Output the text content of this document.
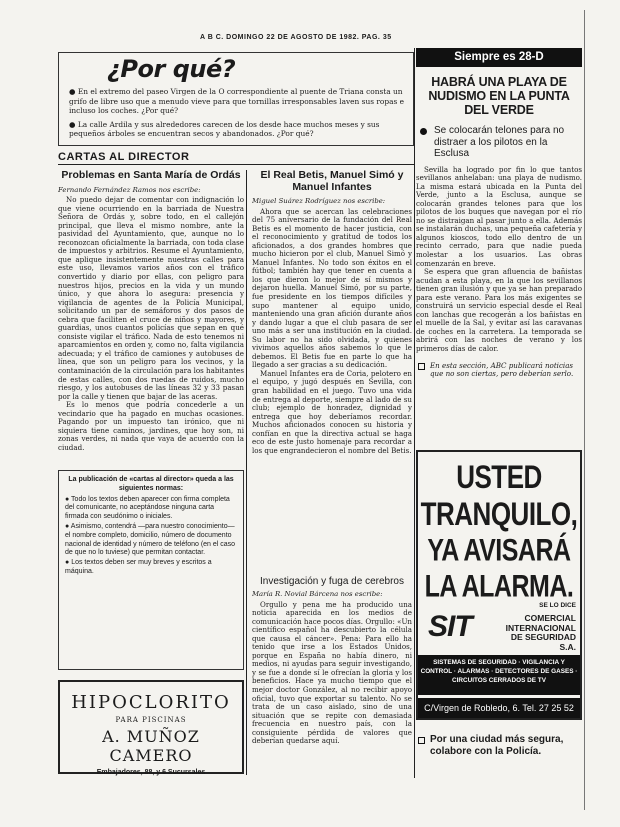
A B C. DOMINGO 22 DE AGOSTO DE 1982. PAG. 35
¿Por qué?

● En el extremo del paseo Virgen de la O correspondiente al puente de Triana consta un grifo de libre uso que a menudo vieve para que tornillas irresponsables laven sus ropas e incluso los coches. ¿Por qué?

● La calle Ardila y sus alrededores carecen de los desde hace muchos meses y sus pequeños árboles se encuentran secos y abandonados. ¿Por qué?

CARTAS AL DIRECTOR
Problemas en Santa María de Ordás
Fernando Fernández Ramos nos escribe:

No puedo dejar de comentar con indignación lo que viene ocurriendo en la barriada de Nuestra Señora de Ordás y, sobre todo, en el callejón principal, que lleva el mismo nombre, ante la pasividad del Ayuntamiento, que, aunque no lo reconozcan oficialmente la barriada, con toda clase de impuestos y arbitrios. Resume el Ayuntamiento, que aplique insistentemente nuestras calles para este uso, llevamos varios años con el tráfico convertido y diario por ellas, con peligro para nuestros hijos, precios en la vida y un mundo único, y que ahora lo asegura: presencia y vigilancia de agentes de la Policía Municipal, solicitando un par de semáforos y dos pasos de cebra que faciliten el cruce de niños y mayores, y guardias, unos cuantos policías que sepan en qué consiste vigilar el tráfico. Nada de esto tenemos ni aparcamientos en orden y, como no, falta vigilancia adecuada; y el tráfico de camiones y autobuses de línea, que son un peligro para los vecinos, y la contaminación de la circulación para los habitantes de estas calles, con dos ruedas de ruidos, mucho riesgo, y los autobuses de las líneas 32 y 33 pasan por la calle y tienen que bajar de las aceras.

Es lo menos que podría concederle a un vecindario que ha pagado en muchas ocasiones. Pagando por un impuesto tan irónico, que ni siquiera tiene caminos, jardines, que hoy son, ni zonas verdes, ni nada que vaya de acuerdo con la ciudad.

La publicación de «cartas al director» queda a las siguientes normas:

● Todo los textos deben aparecer con firma completa del comunicante, no aceptándose ninguna carta firmada con seudónimo o iniciales.

● Asimismo, contendrá —para nuestro conocimiento— el nombre completo, domicilio, número de documento nacional de identidad y número de teléfono (en el caso de que no lo tuviese) que permitan contactar.

● Los textos deben ser muy breves y escritos a máquina.

HIPOCLORITO
PARA PISCINAS
A. MUÑOZ CAMERO
Embajadores, 88, y 6 Sucursales
El Real Betis, Manuel Simó y Manuel Infantes
Miguel Suárez Rodríguez nos escribe:

Ahora que se acercan las celebraciones del 75 aniversario de la fundación del Real Betis es el momento de hacer justicia, con el reconocimiento y gratitud de todos los aficionados, a dos grandes hombres que mucho hicieron por el club, Manuel Simó y Manuel Infantes. No todo son éxitos en el fútbol; también hay que tener en cuenta a los que dieron lo mejor de sí mismos y dejaron huella. Manuel Simó, por su parte, fue presidente en los tiempos difíciles y supo mantener al equipo unido, manteniendo una gran afición durante años y dando lugar a que el club pasara de ser uno más a ser una institución en la ciudad. Su labor no ha sido olvidada, y quienes vivimos aquellos años sabemos lo que le debemos. El Betis fue en parte lo que ha llegado a ser gracias a su dedicación.

Manuel Infantes era de Coria, pelotero en el equipo, y jugó después en Sevilla, con gran habilidad en el juego. Tuvo una vida de entrega al deporte, siempre al lado de su club; ejemplo de honradez, dignidad y entrega que hoy deberíamos recordar. Muchos aficionados conocen su historia y confían en que la directiva actual se haga eco de este justo homenaje para recordar a los que engrandecieron el nombre del Betis.

Investigación y fuga de cerebros
María R. Novial Bárcena nos escribe:

Orgullo y pena me ha producido una noticia aparecida en los medios de comunicación hace pocos días. Orgullo: «Un científico español ha descubierto la célula que causa el cáncer». Pena: Para ello ha tenido que irse a los Estados Unidos, porque en España no había dinero, ni medios, ni ayudas para seguir investigando, y se fue a donde sí le ofrecían la gloria y los beneficios. Hace ya mucho tiempo que el mejor doctor González, al no recibir apoyo oficial, tuvo que exportar su talento. No se trata de un caso aislado, sino de una situación que se repite con demasiada frecuencia en nuestro país, con la consiguiente pérdida de valores que deberían quedarse aquí.

Siempre es 28-D
HABRÁ UNA PLAYA DE NUDISMO EN LA PUNTA DEL VERDE
Se colocarán telones para no distraer a los pilotos en la Esclusa

Sevilla ha logrado por fin lo que tantos sevillanos anhelaban: una playa de nudismo. La misma estará ubicada en la Punta del Verde, junto a la Esclusa, aunque se colocarán grandes telones para que los pilotos de los buques que navegan por el río no se distraigan al pasar junto a ella. Además se instalarán duchas, una pequeña cafetería y algunos kioscos, todo ello dentro de un recinto cerrado, para que nadie pueda molestar a los usuarios. Las obras comenzarán en breve.

Se espera que gran afluencia de bañistas acudan a esta playa, en la que los sevillanos tienen gran ilusión y que ya se han preparado para este verano. Para los más exigentes se construirá un servicio especial desde el Real con lanchas que recogerán a los bañistas en el muelle de la Sal, y evitar así las caravanas de coches en la carretera. La temporada se abrirá con las noches de verano y los primeros días de calor.

En esta sección, ABC publicará noticias que no son ciertas, pero deberían serlo.
USTED
TRANQUILO,
YA AVISARÁ
LA ALARMA.
SIT
SE LO DICE
COMERCIAL INTERNACIONAL DE SEGURIDAD S.A.
SISTEMAS DE SEGURIDAD · VIGILANCIA Y CONTROL · ALARMAS · DETECTORES DE GASES · CIRCUITOS CERRADOS DE TV
C/Virgen de Robledo, 6. Tel. 27 25 52
Por una ciudad más segura, colabore con la Policía.
